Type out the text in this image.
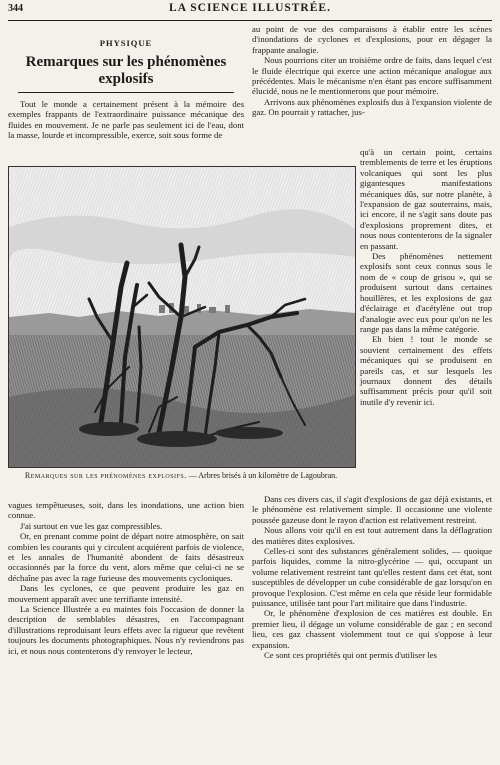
344	LA SCIENCE ILLUSTRÉE.
PHYSIQUE
Remarques sur les phénomènes explosifs

Tout le monde a certainement présent à la mémoire des exemples frappants de l'extraordinaire puissance mécanique des fluides en mouvement. Je ne parle pas seulement ici de l'eau, dont la masse, lourde et incompressible, exerce, soit sous forme de

au point de vue des comparaisons à établir entre les scènes d'inondations de cyclones et d'explosions, pour en dégager la frappante analogie.

Nous pourrions citer un troisième ordre de faits, dans lequel c'est le fluide électrique qui exerce une action mécanique analogue aux précédentes. Mais le mécanisme n'en étant pas encore suffisamment élucidé, nous ne le mentionnerons que pour mémoire.

Arrivons aux phénomènes explosifs dus à l'expansion violente de gaz. On pourrait y rattacher, jus-

Remarques sur les phénomènes explosifs. — Arbres brisés à un kilomètre de Lagoubran.

qu'à un certain point, certains tremblements de terre et les éruptions volcaniques qui sont les plus gigantesques manifestations mécaniques dûs, sur notre planète, à l'expansion de gaz souterrains, mais, ici encore, il ne s'agit sans doute pas d'explosions proprement dites, et nous nous contenterons de la signaler en passant.

Des phénomènes nettement explosifs sont ceux connus sous le nom de « coup de grisou », qui se produisent surtout dans certaines houillères, et les explosions de gaz d'éclairage et d'acétylène out trop d'analogie avec eux pour qu'on ne les range pas dans la même catégorie.

Eh bien ! tout le monde se souvient certainement des effets mécaniques qui se produisent en pareils cas, et sur lesquels les journaux donnent des détails suffisamment précis pour qu'il soit inutile d'y revenir ici.

vagues tempêtueuses, soit, dans les inondations, une action bien connue.

J'ai surtout en vue les gaz compressibles.

Or, en prenant comme point de départ notre atmosphère, on sait combien les courants qui y circulent acquièrent parfois de violence, et les annales de l'humanité abondent de faits désastreux occasionnés par la force du vent, alors même que celui-ci ne se déchaîne pas avec la rage furieuse des mouvements cycloniques.

Dans les cyclones, ce que peuvent produire les gaz en mouvement apparaît avec une terrifiante intensité.

La Science Illustrée a eu maintes fois l'occasion de donner la description de semblables désastres, en l'accompagnant d'illustrations reproduisant leurs effets avec la rigueur que revêtent toujours les documents photographiques. Nous n'y reviendrons pas ici, et nous nous contenterons d'y renvoyer le lecteur,

Dans ces divers cas, il s'agit d'explosions de gaz déjà existants, et le phénomène est relativement simple. Il occasionne une violente poussée gazeuse dont le rayon d'action est relativement restreint.

Nous allons voir qu'il en est tout autrement dans la déflagration des matières dites explosives.

Celles-ci sont des substances généralement solides, — quoique parfois liquides, comme la nitro-glycérine — qui, occupant un volume relativement restreint tant qu'elles restent dans cet état, sont susceptibles de développer un cube considérable de gaz lorsqu'on en provoque l'explosion. C'est même en cela que réside leur formidable puissance, utilisée tant pour l'art militaire que dans l'industrie.

Or, le phénomène d'explosion de ces matières est double. En premier lieu, il dégage un volume considérable de gaz ; en second lieu, ces gaz chassent violemment tout ce qui s'oppose à leur expansion.

Ce sont ces propriétés qui ont permis d'utiliser les
